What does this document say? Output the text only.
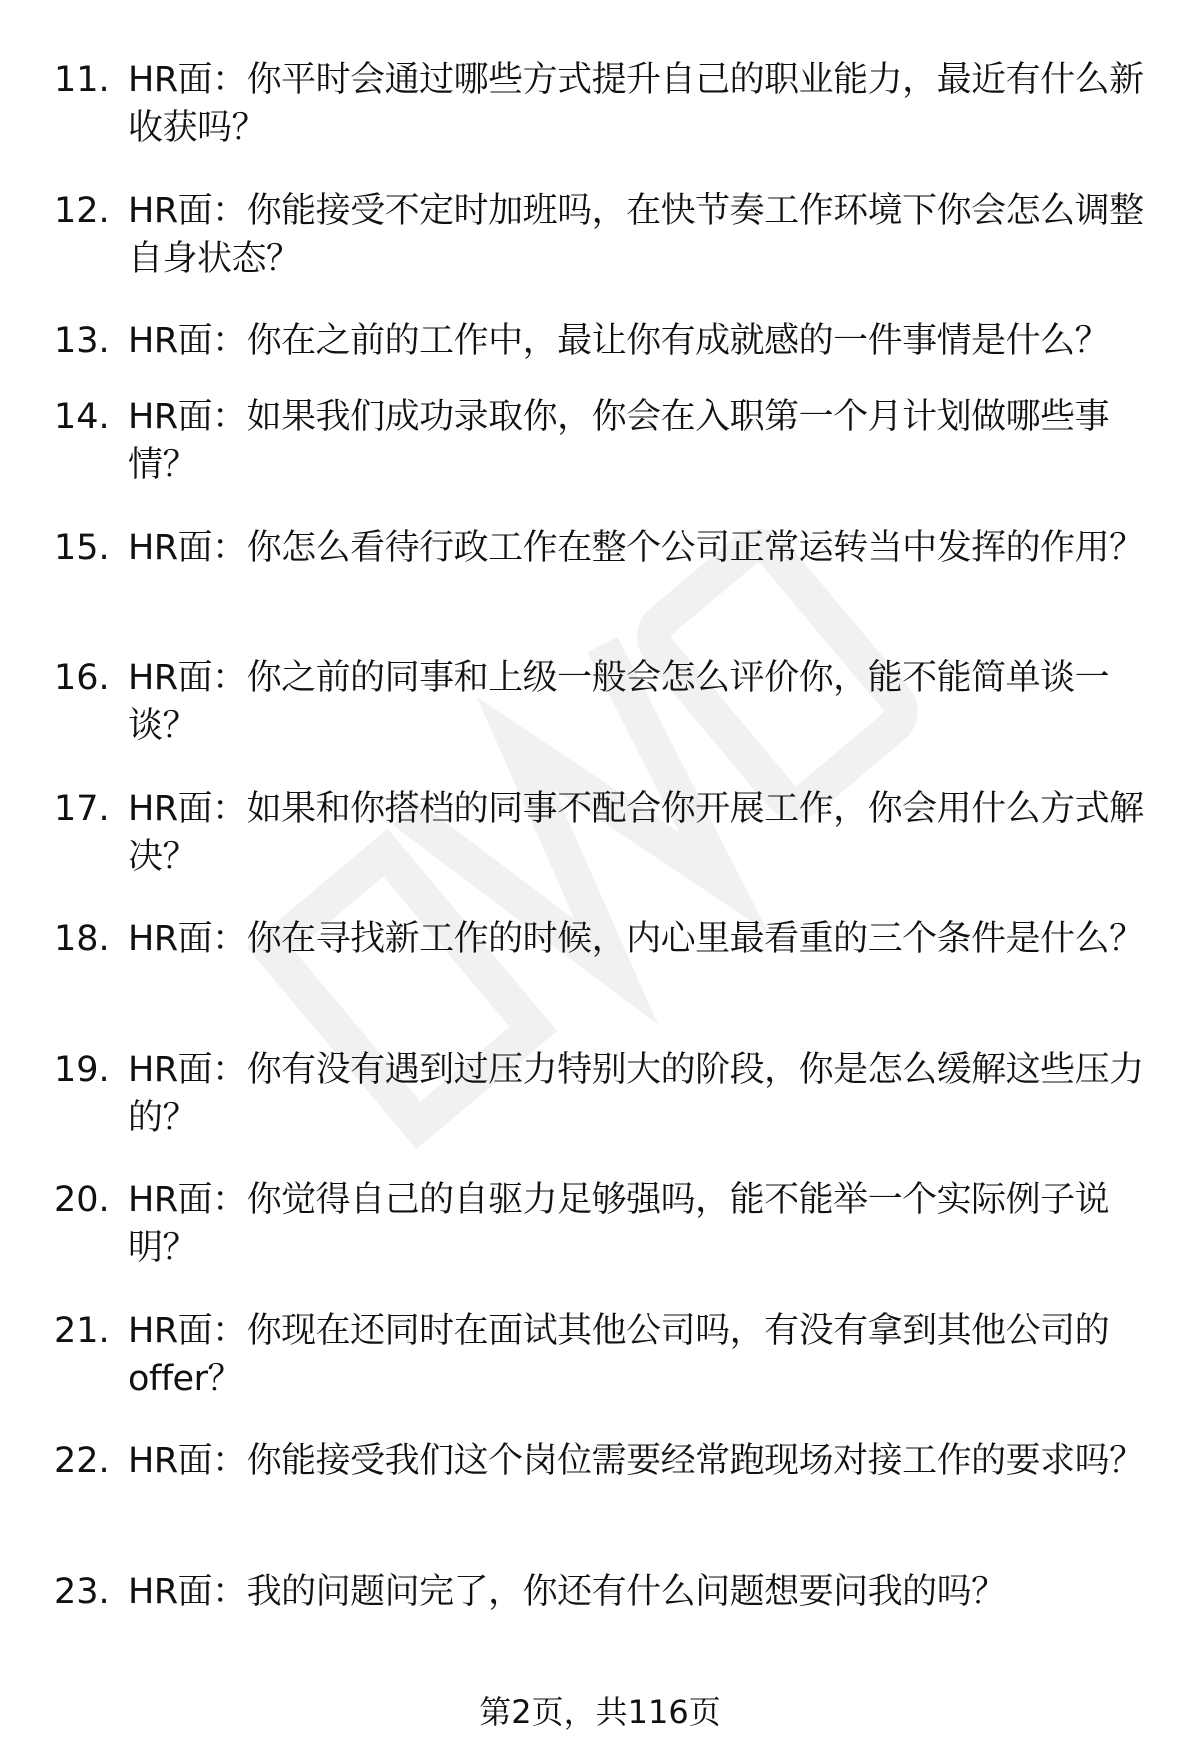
11. HR面：你平时会通过哪些方式提升自己的职业能力，最近有什么新收获吗？
12. HR面：你能接受不定时加班吗，在快节奏工作环境下你会怎么调整自身状态？
13. HR面：你在之前的工作中，最让你有成就感的一件事情是什么？
14. HR面：如果我们成功录取你，你会在入职第一个月计划做哪些事情？
15. HR面：你怎么看待行政工作在整个公司正常运转当中发挥的作用？
16. HR面：你之前的同事和上级一般会怎么评价你，能不能简单谈一谈？
17. HR面：如果和你搭档的同事不配合你开展工作，你会用什么方式解决？
18. HR面：你在寻找新工作的时候，内心里最看重的三个条件是什么？
19. HR面：你有没有遇到过压力特别大的阶段，你是怎么缓解这些压力的？
20. HR面：你觉得自己的自驱力足够强吗，能不能举一个实际例子说明？
21. HR面：你现在还同时在面试其他公司吗，有没有拿到其他公司的offer？
22. HR面：你能接受我们这个岗位需要经常跑现场对接工作的要求吗？
23. HR面：我的问题问完了，你还有什么问题想要问我的吗？
第2页，共116页
